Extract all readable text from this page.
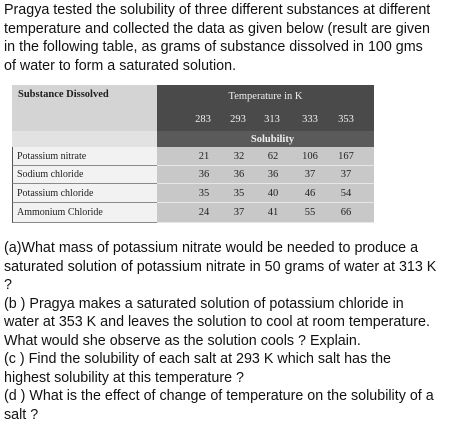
Pragya tested the solubility of three different substances at different
temperature and collected the data as given below (result are given
in the following table, as grams of substance dissolved in 100 gms
of water to form a saturated solution.
Substance Dissolved	Temperature in K
283	293	313	333	353
Solubility
Potassium nitrate	21	32	62	106	167
Sodium chloride	36	36	36	37	37
Potassium chloride	35	35	40	46	54
Ammonium Chloride	24	37	41	55	66
(a)What mass of potassium nitrate would be needed to produce a
saturated solution of potassium nitrate in 50 grams of water at 313 K
?
(b ) Pragya makes a saturated solution of potassium chloride in
water at 353 K and leaves the solution to cool at room temperature.
What would she observe as the solution cools ? Explain.
(c ) Find the solubility of each salt at 293 K which salt has the
highest solubility at this temperature ?
(d ) What is the effect of change of temperature on the solubility of a
salt ?
